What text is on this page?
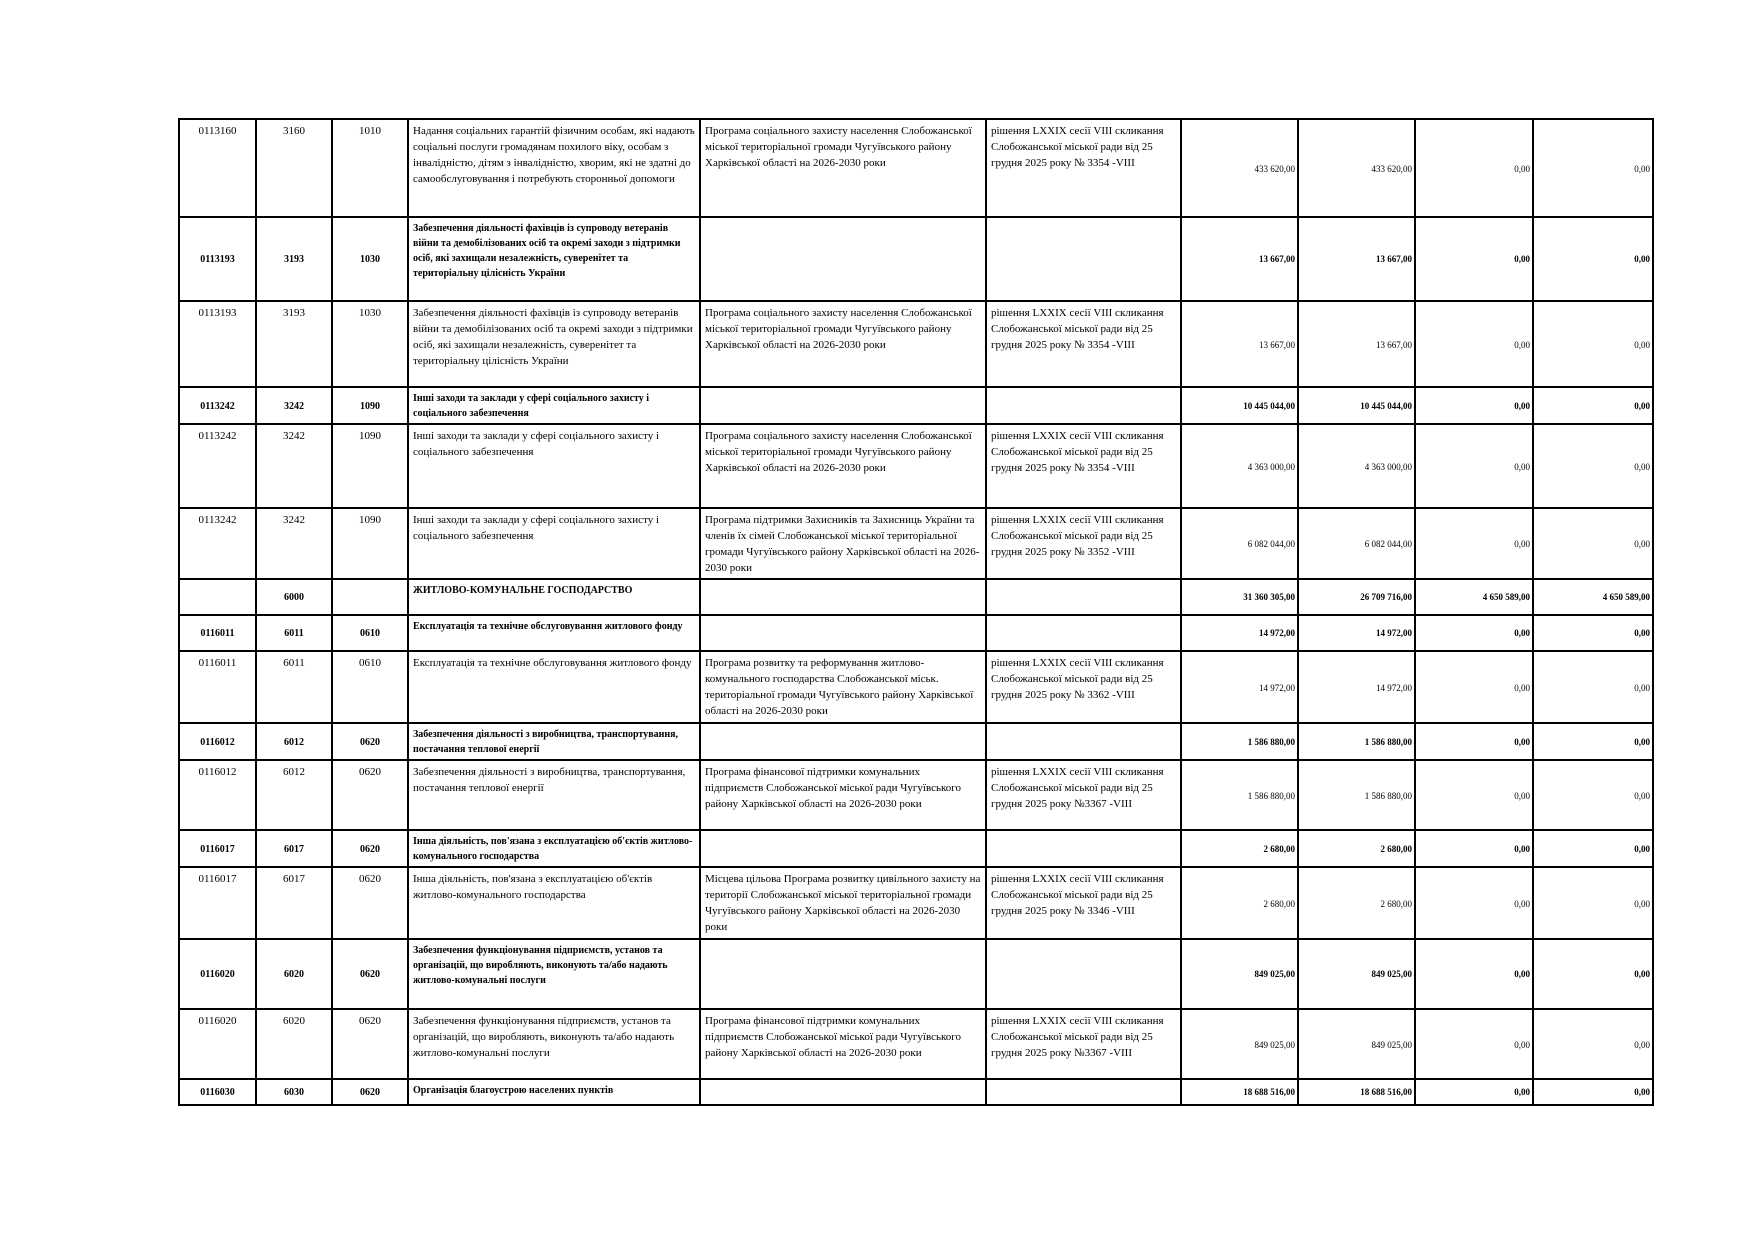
0113160	3160	1010	Надання соціальних гарантій фізичним особам, які надають соціальні послуги громадянам похилого віку, особам з інвалідністю, дітям з інвалідністю, хворим, які не здатні до самообслуговування і потребують сторонньої допомоги	Програма соціального захисту населення Слобожанської міської територіальної громади Чугуївського району Харківської області на 2026-2030 роки	рішення LXXIX сесії VIII скликання Слобожанської міської ради від 25 грудня 2025 року № 3354 -VIII	433 620,00	433 620,00	0,00	0,00
0113193	3193	1030	Забезпечення діяльності фахівців із супроводу ветеранів війни та демобілізованих осіб та окремі заходи з підтримки осіб, які захищали незалежність, суверенітет та територіальну цілісність України			13 667,00	13 667,00	0,00	0,00
0113193	3193	1030	Забезпечення діяльності фахівців із супроводу ветеранів війни та демобілізованих осіб та окремі заходи з підтримки осіб, які захищали незалежність, суверенітет та територіальну цілісність України	Програма соціального захисту населення Слобожанської міської територіальної громади Чугуївського району Харківської області на 2026-2030 роки	рішення LXXIX сесії VIII скликання Слобожанської міської ради від 25 грудня 2025 року № 3354 -VIII	13 667,00	13 667,00	0,00	0,00
0113242	3242	1090	Інші заходи та заклади у сфері соціального захисту і соціального забезпечення			10 445 044,00	10 445 044,00	0,00	0,00
0113242	3242	1090	Інші заходи та заклади у сфері соціального захисту і соціального забезпечення	Програма соціального захисту населення Слобожанської міської територіальної громади Чугуївського району Харківської області на 2026-2030 роки	рішення LXXIX сесії VIII скликання Слобожанської міської ради від 25 грудня 2025 року № 3354 -VIII	4 363 000,00	4 363 000,00	0,00	0,00
0113242	3242	1090	Інші заходи та заклади у сфері соціального захисту і соціального забезпечення	Програма підтримки Захисників та Захисниць України та членів їх сімей Слобожанської міської територіальної громади Чугуївського району Харківської області на 2026-2030 роки	рішення LXXIX сесії VIII скликання Слобожанської міської ради від 25 грудня 2025 року № 3352 -VIII	6 082 044,00	6 082 044,00	0,00	0,00
	6000		ЖИТЛОВО-КОМУНАЛЬНЕ ГОСПОДАРСТВО			31 360 305,00	26 709 716,00	4 650 589,00	4 650 589,00
0116011	6011	0610	Експлуатація та технічне обслуговування житлового фонду			14 972,00	14 972,00	0,00	0,00
0116011	6011	0610	Експлуатація та технічне обслуговування житлового фонду	Програма розвитку та реформування житлово-комунального господарства Слобожанської міськ. територіальної громади Чугуївського району Харківської області на 2026-2030 роки	рішення LXXIX сесії VIII скликання Слобожанської міської ради від 25 грудня 2025 року № 3362 -VIII	14 972,00	14 972,00	0,00	0,00
0116012	6012	0620	Забезпечення діяльності з виробництва, транспортування, постачання теплової енергії			1 586 880,00	1 586 880,00	0,00	0,00
0116012	6012	0620	Забезпечення діяльності з виробництва, транспортування, постачання теплової енергії	Програма фінансової підтримки комунальних підприємств Слобожанської міської ради Чугуївського району Харківської області на 2026-2030 роки	рішення LXXIX сесії VIII скликання Слобожанської міської ради від 25 грудня 2025 року №3367 -VIII	1 586 880,00	1 586 880,00	0,00	0,00
0116017	6017	0620	Інша діяльність, пов'язана з експлуатацією об'єктів житлово-комунального господарства			2 680,00	2 680,00	0,00	0,00
0116017	6017	0620	Інша діяльність, пов'язана з експлуатацією об'єктів житлово-комунального господарства	Місцева цільова Програма розвитку цивільного захисту на території Слобожанської міської територіальної громади Чугуївського району Харківської області на 2026-2030 роки	рішення LXXIX сесії VIII скликання Слобожанської міської ради від 25 грудня 2025 року № 3346 -VIII	2 680,00	2 680,00	0,00	0,00
0116020	6020	0620	Забезпечення функціонування підприємств, установ та організацій, що виробляють, виконують та/або надають житлово-комунальні послуги			849 025,00	849 025,00	0,00	0,00
0116020	6020	0620	Забезпечення функціонування підприємств, установ та організацій, що виробляють, виконують та/або надають житлово-комунальні послуги	Програма фінансової підтримки комунальних підприємств Слобожанської міської ради Чугуївського району Харківської області на 2026-2030 роки	рішення LXXIX сесії VIII скликання Слобожанської міської ради від 25 грудня 2025 року №3367 -VIII	849 025,00	849 025,00	0,00	0,00
0116030	6030	0620	Організація благоустрою населених пунктів			18 688 516,00	18 688 516,00	0,00	0,00
